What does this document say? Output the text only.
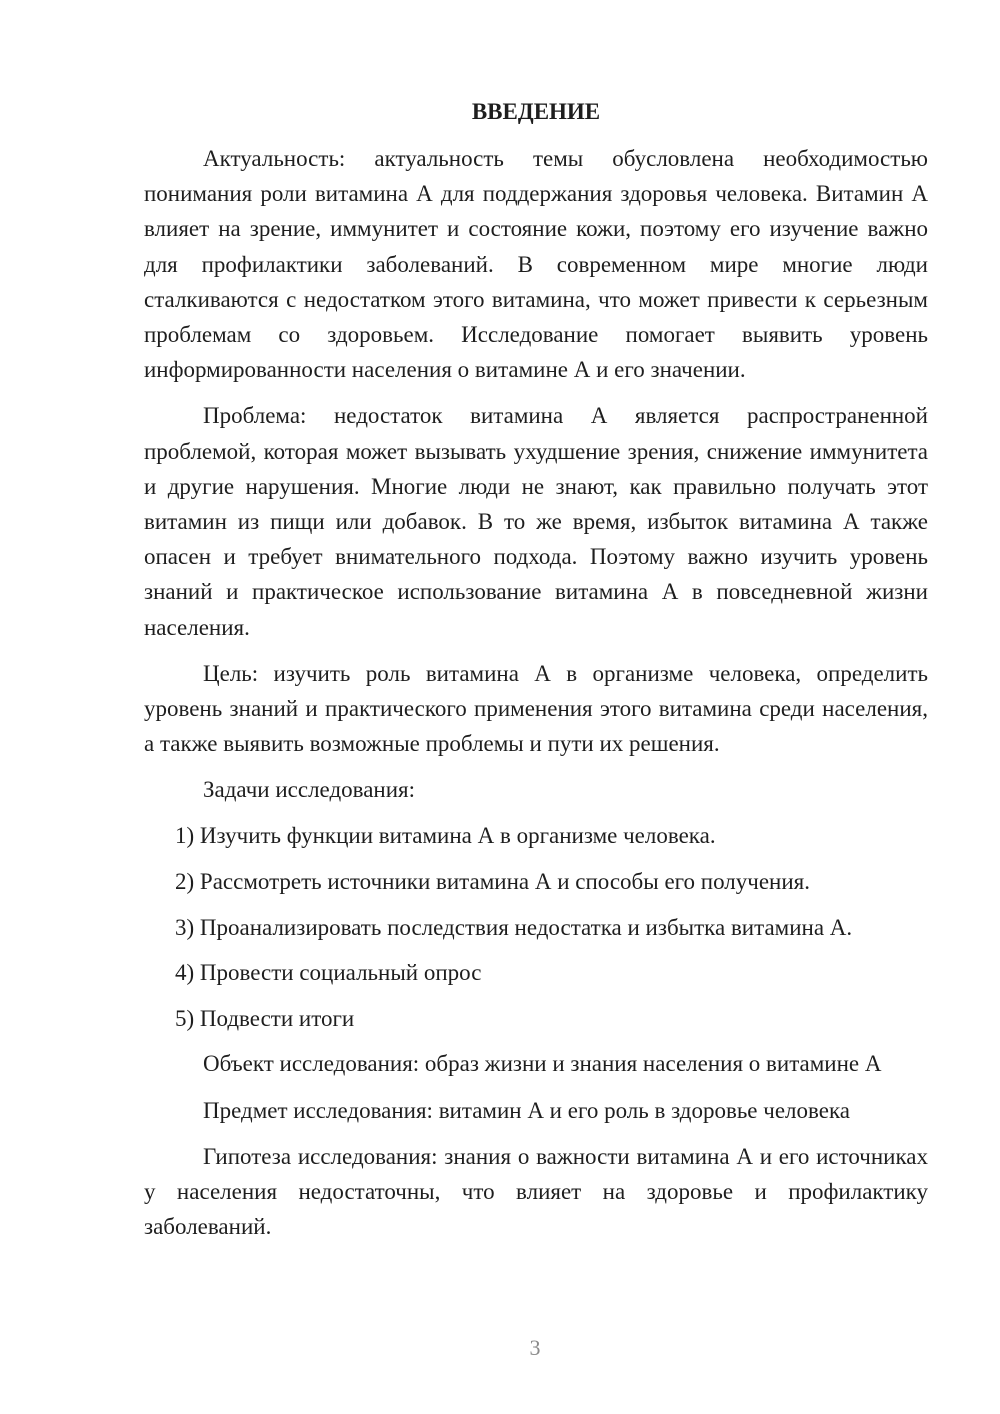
ВВЕДЕНИЕ

Актуальность: актуальность темы обусловлена необходимостью понимания роли витамина А для поддержания здоровья человека. Витамин А влияет на зрение, иммунитет и состояние кожи, поэтому его изучение важно для профилактики заболеваний. В современном мире многие люди сталкиваются с недостатком этого витамина, что может привести к серьезным проблемам со здоровьем. Исследование помогает выявить уровень информированности населения о витамине А и его значении.

Проблема: недостаток витамина А является распространенной проблемой, которая может вызывать ухудшение зрения, снижение иммунитета и другие нарушения. Многие люди не знают, как правильно получать этот витамин из пищи или добавок. В то же время, избыток витамина А также опасен и требует внимательного подхода. Поэтому важно изучить уровень знаний и практическое использование витамина А в повседневной жизни населения.

Цель: изучить роль витамина А в организме человека, определить уровень знаний и практического применения этого витамина среди населения, а также выявить возможные проблемы и пути их решения.

Задачи исследования:

1) Изучить функции витамина А в организме человека.

2) Рассмотреть источники витамина А и способы его получения.

3) Проанализировать последствия недостатка и избытка витамина А.

4) Провести социальный опрос

5) Подвести итоги

Объект исследования: образ жизни и знания населения о витамине А

Предмет исследования: витамин А и его роль в здоровье человека

Гипотеза исследования: знания о важности витамина А и его источниках у населения недостаточны, что влияет на здоровье и профилактику заболеваний.

3
